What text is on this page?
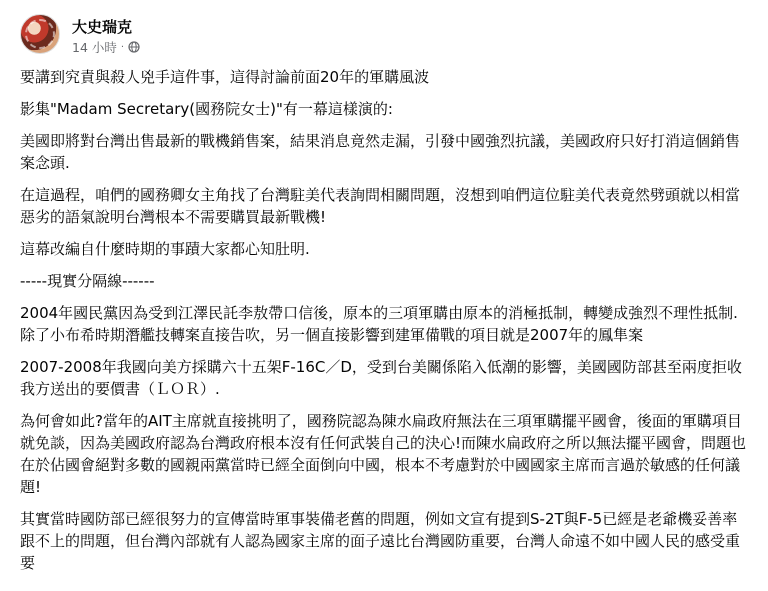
大史瑞克
14 小時 ·

要講到究責與殺人兇手這件事，這得討論前面20年的軍購風波

影集"Madam Secretary(國務院女士)"有一幕這樣演的:

美國即將對台灣出售最新的戰機銷售案，結果消息竟然走漏，引發中國強烈抗議，美國政府只好打消這個銷售案念頭.

在這過程，咱們的國務卿女主角找了台灣駐美代表詢問相關問題，沒想到咱們這位駐美代表竟然劈頭就以相當惡劣的語氣說明台灣根本不需要購買最新戰機!

這幕改編自什麼時期的事蹟大家都心知肚明.

-----現實分隔線------

2004年國民黨因為受到江澤民託李敖帶口信後，原本的三項軍購由原本的消極抵制，轉變成強烈不理性抵制.除了小布希時期潛艦技轉案直接告吹，另一個直接影響到建軍備戰的項目就是2007年的鳳隼案

2007-2008年我國向美方採購六十五架F-16C／D，受到台美關係陷入低潮的影響，美國國防部甚至兩度拒收我方送出的要價書（ＬＯＲ）.

為何會如此?當年的AIT主席就直接挑明了，國務院認為陳水扁政府無法在三項軍購擺平國會，後面的軍購項目就免談，因為美國政府認為台灣政府根本沒有任何武裝自己的決心!而陳水扁政府之所以無法擺平國會，問題也在於佔國會絕對多數的國親兩黨當時已經全面倒向中國，根本不考慮對於中國國家主席而言過於敏感的任何議題!

其實當時國防部已經很努力的宣傳當時軍事裝備老舊的問題，例如文宣有提到S-2T與F-5已經是老爺機妥善率跟不上的問題，但台灣內部就有人認為國家主席的面子遠比台灣國防重要，台灣人命遠不如中國人民的感受重要
